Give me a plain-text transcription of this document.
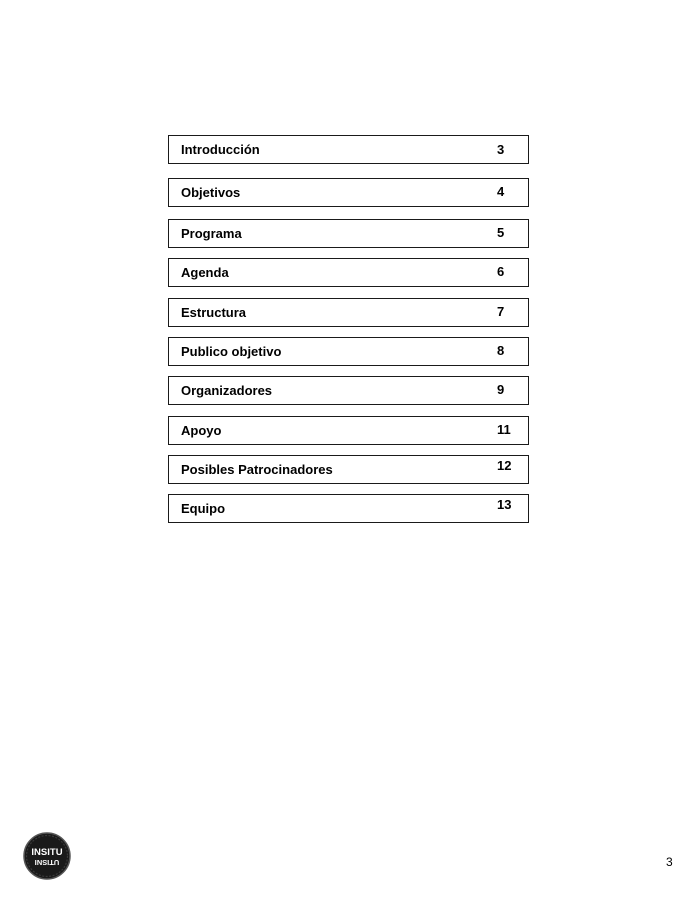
Introducción	3
Objetivos	4
Programa	5
Agenda	6
Estructura	7
Publico objetivo	8
Organizadores	9
Apoyo	11
Posibles Patrocinadores	12
Equipo	13
INSITU
UTISNI	3
